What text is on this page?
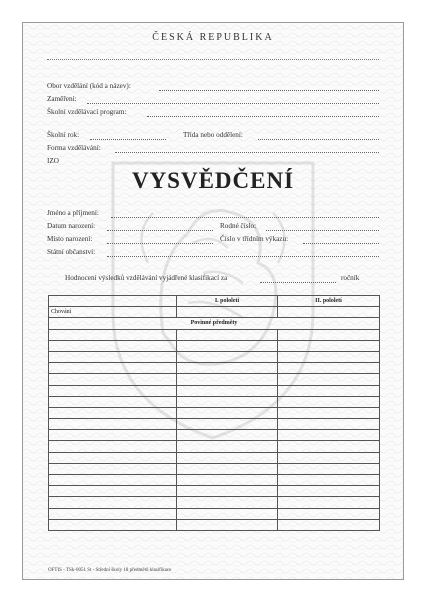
ČESKÁ REPUBLIKA
Obor vzdělání (kód a název):
Zaměření:
Školní vzdělávací program:
Školní rok:	Třída nebo oddělení:
Forma vzdělávání:
IZO
VYSVĚDČENÍ
Jméno a příjmení:
Datum narození:	Rodné číslo:
Místo narození:	Číslo v třídním výkazu:
Státní občanství:
Hodnocení výsledků vzdělávání vyjádřené klasifikací za	ročník
	I. pololetí	II. pololetí
Chování		
Povinné předměty		

OFTIS - TSk-0051 St - Střední školy 18 předmětů klasifikace
